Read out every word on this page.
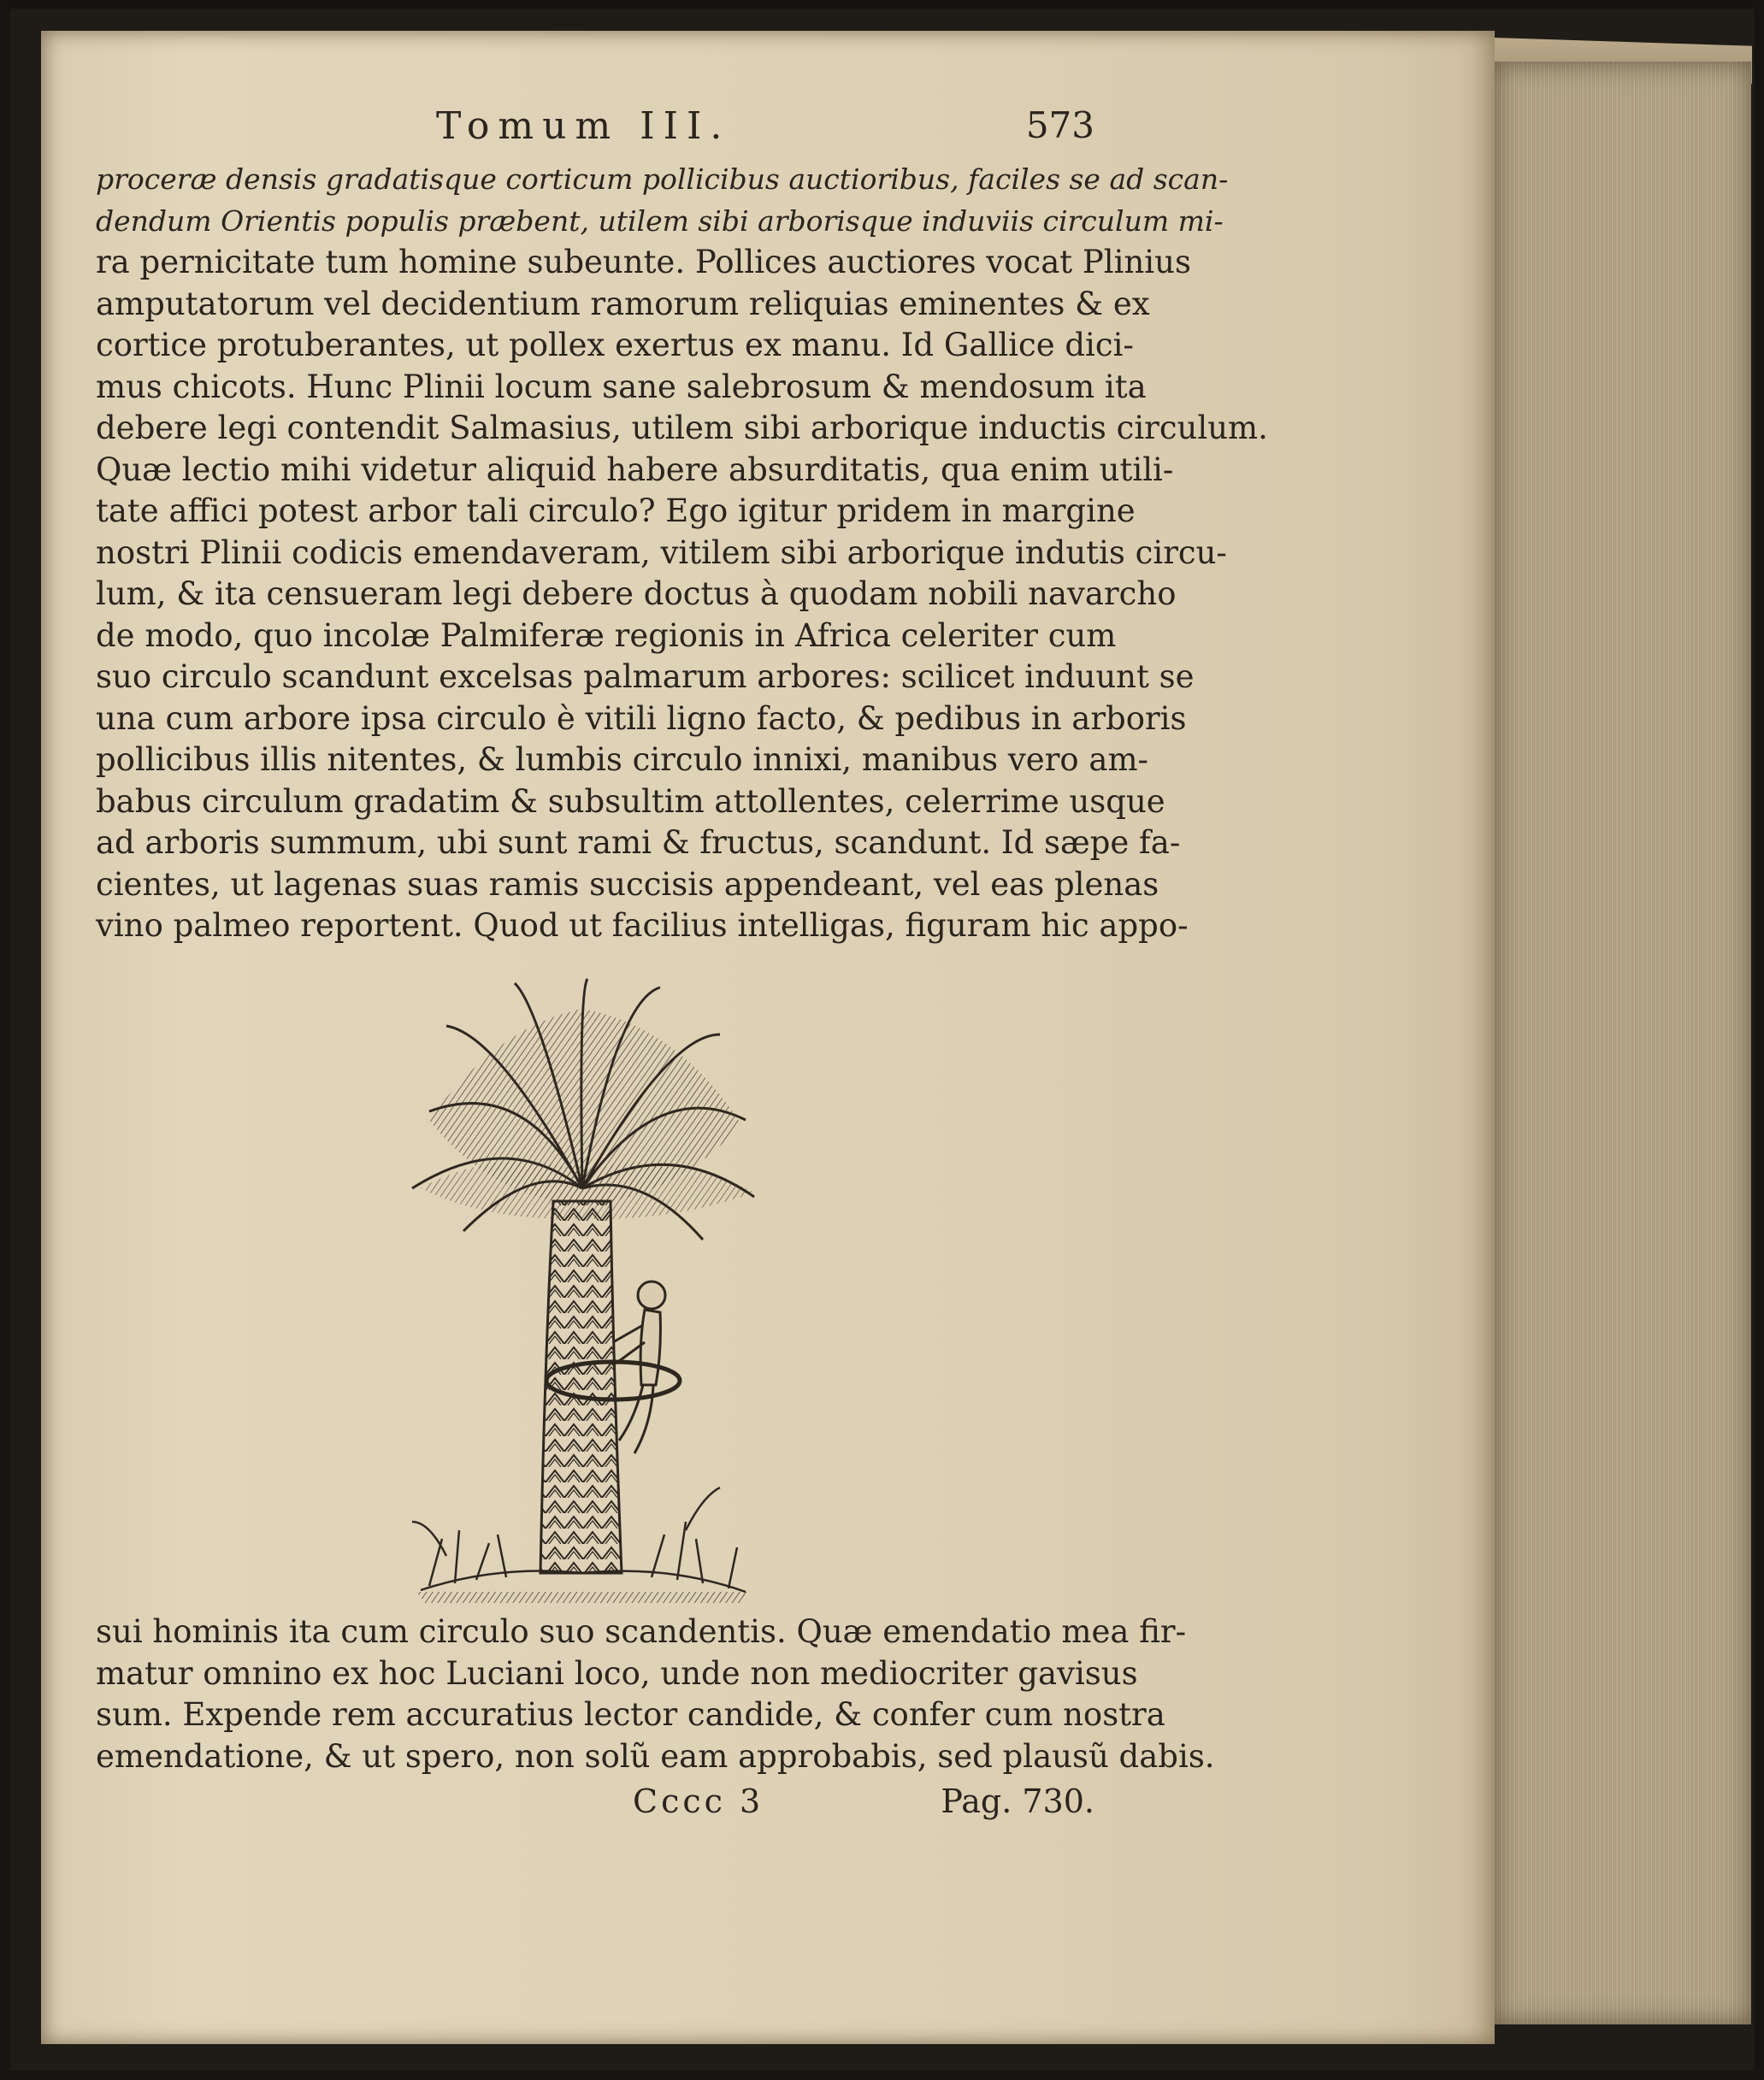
Tomum III.	573
proceræ densis gradatisque corticum pollicibus auctioribus, faciles se ad scan-
dendum Orientis populis præbent, utilem sibi arborisque induviis circulum mi-
ra pernicitate tum homine subeunte. Pollices auctiores vocat Plinius
amputatorum vel decidentium ramorum reliquias eminentes & ex
cortice protuberantes, ut pollex exertus ex manu. Id Gallice dici-
mus chicots. Hunc Plinii locum sane salebrosum & mendosum ita
debere legi contendit Salmasius, utilem sibi arborique inductis circulum.
Quæ lectio mihi videtur aliquid habere absurditatis, qua enim utili-
tate affici potest arbor tali circulo? Ego igitur pridem in margine
nostri Plinii codicis emendaveram, vitilem sibi arborique indutis circu-
lum, & ita censueram legi debere doctus à quodam nobili navarcho
de modo, quo incolæ Palmiferæ regionis in Africa celeriter cum
suo circulo scandunt excelsas palmarum arbores: scilicet induunt se
una cum arbore ipsa circulo è vitili ligno facto, & pedibus in arboris
pollicibus illis nitentes, & lumbis circulo innixi, manibus vero am-
babus circulum gradatim & subsultim attollentes, celerrime usque
ad arboris summum, ubi sunt rami & fructus, scandunt. Id sæpe fa-
cientes, ut lagenas suas ramis succisis appendeant, vel eas plenas
vino palmeo reportent. Quod ut facilius intelligas, figuram hic appo-
sui hominis ita cum circulo suo scandentis. Quæ emendatio mea fir-
matur omnino ex hoc Luciani loco, unde non mediocriter gavisus
sum. Expende rem accuratius lector candide, & confer cum nostra
emendatione, & ut spero, non solũ eam approbabis, sed plausũ dabis.
Cccc 3	Pag. 730.
